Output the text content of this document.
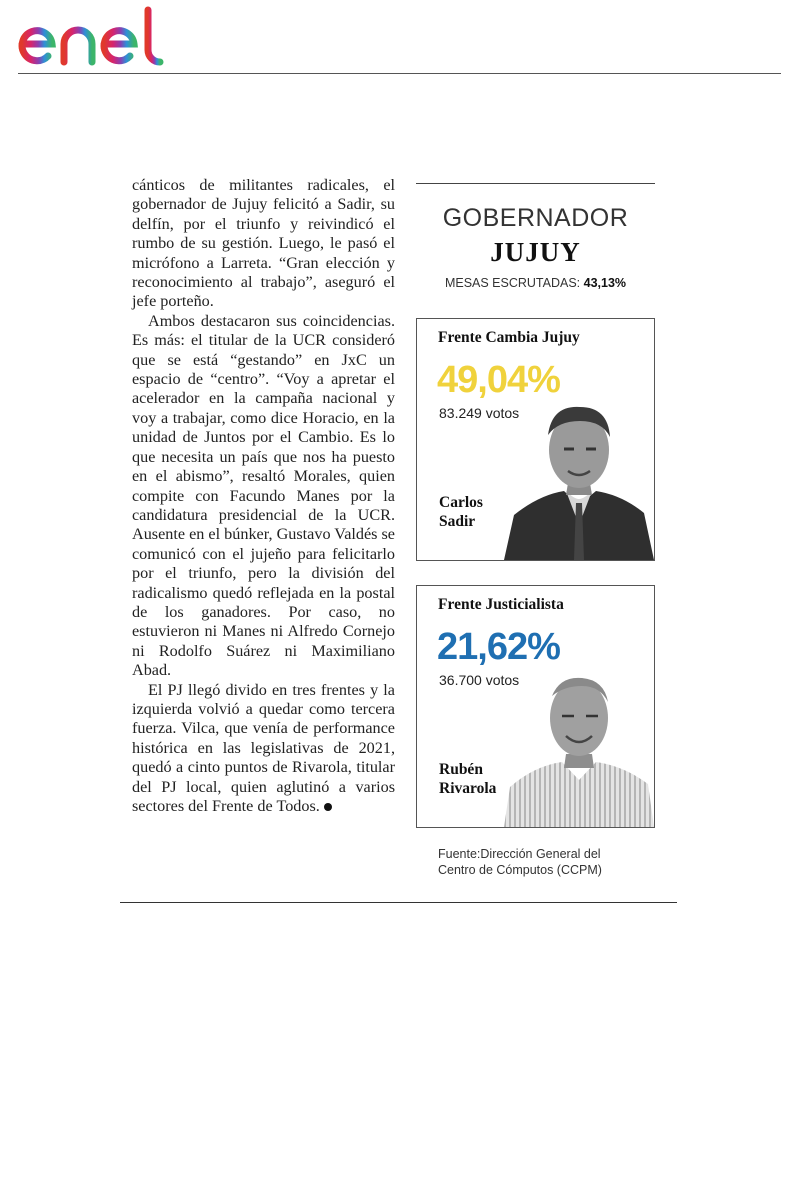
cánticos de militantes radicales, el gobernador de Jujuy felicitó a Sadir, su delfín, por el triunfo y reivindicó el rumbo de su gestión. Luego, le pasó el micrófono a Larreta. “Gran elección y reconocimiento al trabajo”, aseguró el jefe porteño.

Ambos destacaron sus coincidencias. Es más: el titular de la UCR consideró que se está “gestando” en JxC un espacio de “centro”. “Voy a apretar el acelerador en la campaña nacional y voy a trabajar, como dice Horacio, en la unidad de Juntos por el Cambio. Es lo que necesita un país que nos ha puesto en el abismo”, resaltó Morales, quien compite con Facundo Manes por la candidatura presidencial de la UCR. Ausente en el búnker, Gustavo Valdés se comunicó con el jujeño para felicitarlo por el triunfo, pero la división del radicalismo quedó reflejada en la postal de los ganadores. Por caso, no estuvieron ni Manes ni Alfredo Cornejo ni Rodolfo Suárez ni Maximiliano Abad.

El PJ llegó divido en tres frentes y la izquierda volvió a quedar como tercera fuerza. Vilca, que venía de performance histórica en las legislativas de 2021, quedó a cinto puntos de Rivarola, titular del PJ local, quien aglutinó a varios sectores del Frente de Todos.

GOBERNADOR
JUJUY
MESAS ESCRUTADAS: 43,13%
Frente Cambia Jujuy
49,04%
83.249 votos
Carlos
Sadir
Frente Justicialista
21,62%
36.700 votos
Rubén
Rivarola
Fuente:Dirección General del
Centro de Cómputos (CCPM)
